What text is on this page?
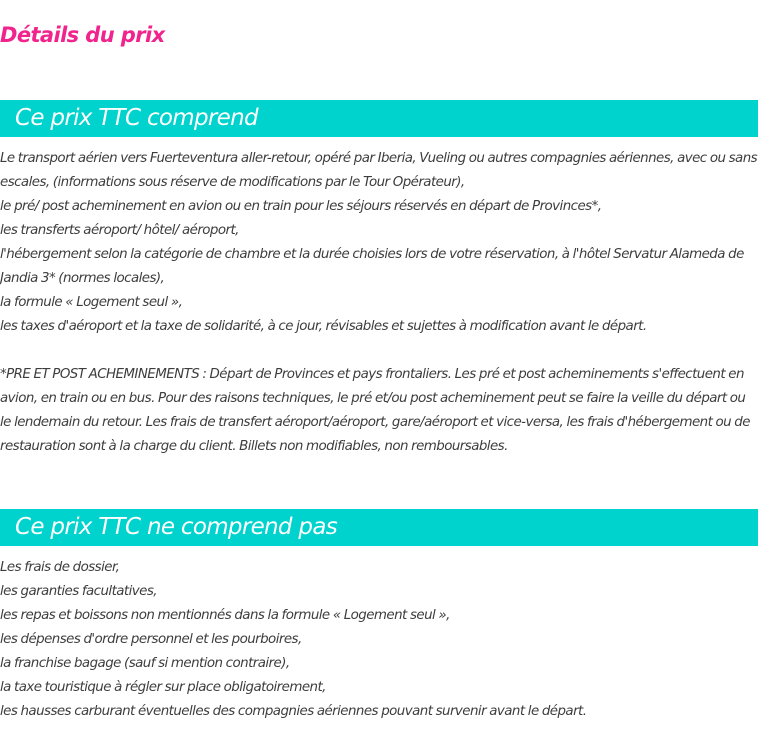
Détails du prix
Ce prix TTC comprend

Le transport aérien vers Fuerteventura aller-retour, opéré par Iberia, Vueling ou autres compagnies aériennes, avec ou sans escales, (informations sous réserve de modifications par le Tour Opérateur),

le pré/ post acheminement en avion ou en train pour les séjours réservés en départ de Provinces*,

les transferts aéroport/ hôtel/ aéroport,

l'hébergement selon la catégorie de chambre et la durée choisies lors de votre réservation, à l'hôtel Servatur Alameda de Jandia 3* (normes locales),

la formule « Logement seul »,

les taxes d'aéroport et la taxe de solidarité, à ce jour, révisables et sujettes à modification avant le départ.

*PRE ET POST ACHEMINEMENTS : Départ de Provinces et pays frontaliers. Les pré et post acheminements s'effectuent en avion, en train ou en bus. Pour des raisons techniques, le pré et/ou post acheminement peut se faire la veille du départ ou le lendemain du retour. Les frais de transfert aéroport/aéroport, gare/aéroport et vice-versa, les frais d'hébergement ou de restauration sont à la charge du client. Billets non modifiables, non remboursables.

Ce prix TTC ne comprend pas

Les frais de dossier,

les garanties facultatives,

les repas et boissons non mentionnés dans la formule « Logement seul »,

les dépenses d'ordre personnel et les pourboires,

la franchise bagage (sauf si mention contraire),

la taxe touristique à régler sur place obligatoirement,

les hausses carburant éventuelles des compagnies aériennes pouvant survenir avant le départ.
